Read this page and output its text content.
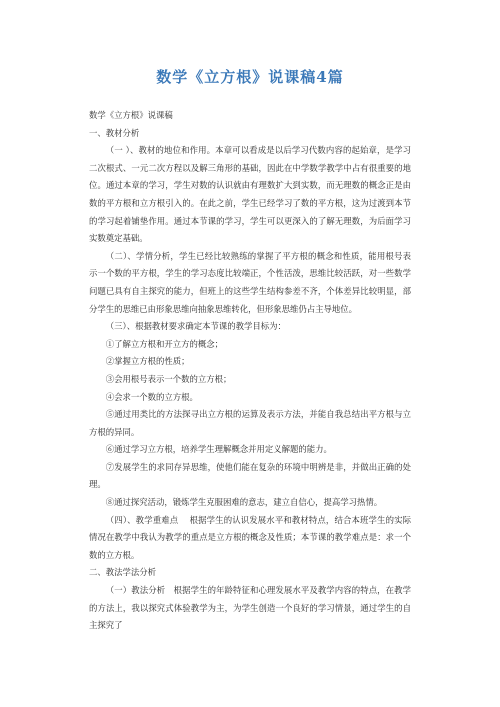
数学《立方根》说课稿4篇

数学《立方根》说课稿

一、教材分析

（一 ）、教材的地位和作用。本章可以看成是以后学习代数内容的起始章，是学习二次根式、一元二次方程以及解三角形的基础，因此在中学数学教学中占有很重要的地位。通过本章的学习，学生对数的认识就由有理数扩大到实数，而无理数的概念正是由数的平方根和立方根引入的。在此之前，学生已经学习了数的平方根，这为过渡到本节的学习起着铺垫作用。通过本节课的学习，学生可以更深入的了解无理数，为后面学习实数奠定基础。

（二）、学情分析，学生已经比较熟练的掌握了平方根的概念和性质，能用根号表示一个数的平方根，学生的学习态度比较端正，个性活泼，思维比较活跃，对一些数学问题已具有自主探究的能力，但班上的这些学生结构参差不齐，个体差异比较明显，部分学生的思维已由形象思维向抽象思维转化，但形象思维仍占主导地位。

（三）、根据教材要求确定本节课的教学目标为：

①了解立方根和开立方的概念；

②掌握立方根的性质；

③会用根号表示一个数的立方根；

④会求一个数的立方根。

⑤通过用类比的方法探寻出立方根的运算及表示方法，并能自我总结出平方根与立方根的异同。

⑥通过学习立方根，培养学生理解概念并用定义解题的能力。

⑦发展学生的求同存异思维，使他们能在复杂的环境中明辨是非，并做出正确的处理。

⑧通过探究活动，锻炼学生克服困难的意志，建立自信心，提高学习热情。

（四）、教学重难点　 根据学生的认识发展水平和教材特点，结合本班学生的实际情况在教学中我认为教学的重点是立方根的概念及性质；本节课的教学难点是：求一个数的立方根。

二、教法学法分析

（一）教法分析　根据学生的年龄特征和心理发展水平及教学内容的特点，在教学的方法上，我以探究式体验教学为主，为学生创造一个良好的学习情景，通过学生的自主探究了
